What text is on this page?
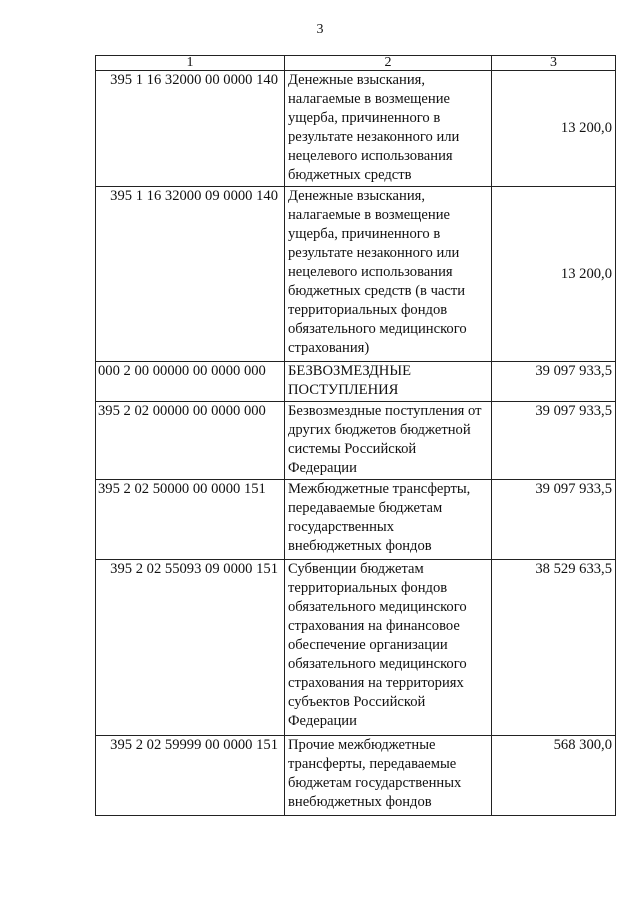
3
1	2	3
395 1 16 32000 00 0000 140	Денежные взыскания, налагаемые в возмещение ущерба, причиненного в результате незаконного или нецелевого использования бюджетных средств	13 200,0
395 1 16 32000 09 0000 140	Денежные взыскания, налагаемые в возмещение ущерба, причиненного в результате незаконного или нецелевого использования бюджетных средств (в части территориальных фондов обязательного медицинского страхования)	13 200,0
000 2 00 00000 00 0000 000	БЕЗВОЗМЕЗДНЫЕ ПОСТУПЛЕНИЯ	39 097 933,5
395 2 02 00000 00 0000 000	Безвозмездные поступления от других бюджетов бюджетной системы Российской Федерации	39 097 933,5
395 2 02 50000 00 0000 151	Межбюджетные трансферты, передаваемые бюджетам государственных внебюджетных фондов	39 097 933,5
395 2 02 55093 09 0000 151	Субвенции бюджетам территориальных фондов обязательного медицинского страхования на финансовое обеспечение организации обязательного медицинского страхования на территориях субъектов Российской Федерации	38 529 633,5
395 2 02 59999 00 0000 151	Прочие межбюджетные трансферты, передаваемые бюджетам государственных внебюджетных фондов	568 300,0
